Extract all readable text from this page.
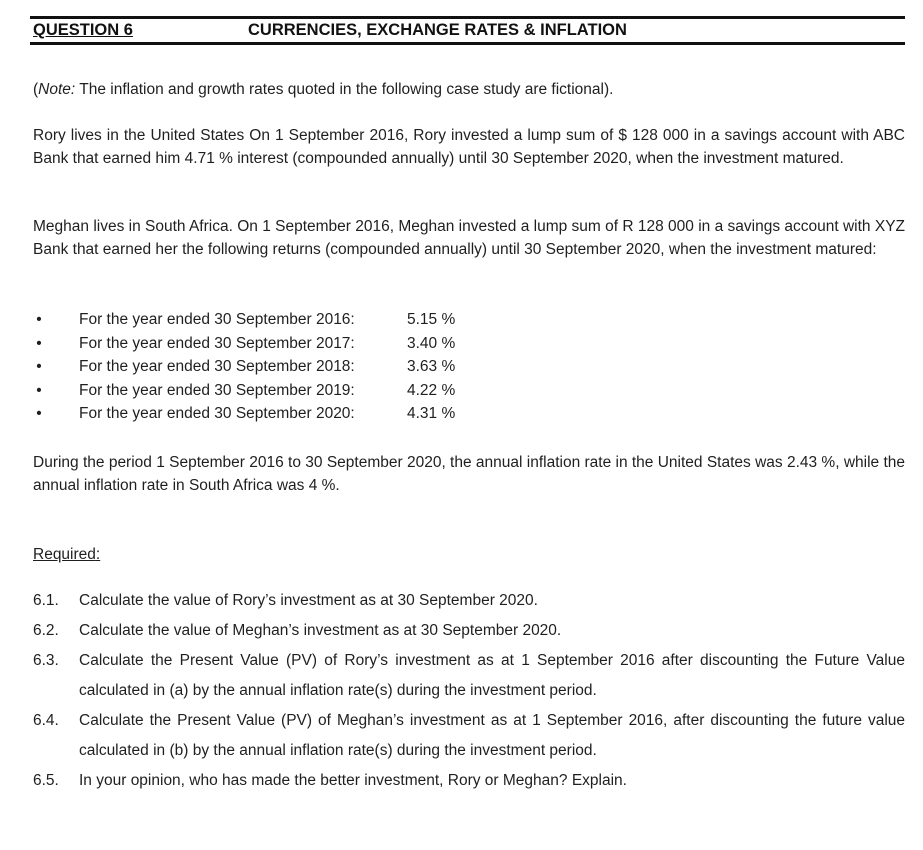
QUESTION 6	CURRENCIES, EXCHANGE RATES & INFLATION

(Note: The inflation and growth rates quoted in the following case study are fictional).

Rory lives in the United States On 1 September 2016, Rory invested a lump sum of $ 128 000 in a savings account with ABC Bank that earned him 4.71 % interest (compounded annually) until 30 September 2020, when the investment matured.

Meghan lives in South Africa. On 1 September 2016, Meghan invested a lump sum of R 128 000 in a savings account with XYZ Bank that earned her the following returns (compounded annually) until 30 September 2020, when the investment matured:

• For the year ended 30 September 2016:	5.15 %
• For the year ended 30 September 2017:	3.40 %
• For the year ended 30 September 2018:	3.63 %
• For the year ended 30 September 2019:	4.22 %
• For the year ended 30 September 2020:	4.31 %

During the period 1 September 2016 to 30 September 2020, the annual inflation rate in the United States was 2.43 %, while the annual inflation rate in South Africa was 4 %.

Required:
6.1. Calculate the value of Rory’s investment as at 30 September 2020.
6.2. Calculate the value of Meghan’s investment as at 30 September 2020.
6.3. Calculate the Present Value (PV) of Rory’s investment as at 1 September 2016 after discounting the Future Value calculated in (a) by the annual inflation rate(s) during the investment period.
6.4. Calculate the Present Value (PV) of Meghan’s investment as at 1 September 2016, after discounting the future value calculated in (b) by the annual inflation rate(s) during the investment period.
6.5. In your opinion, who has made the better investment, Rory or Meghan? Explain.
